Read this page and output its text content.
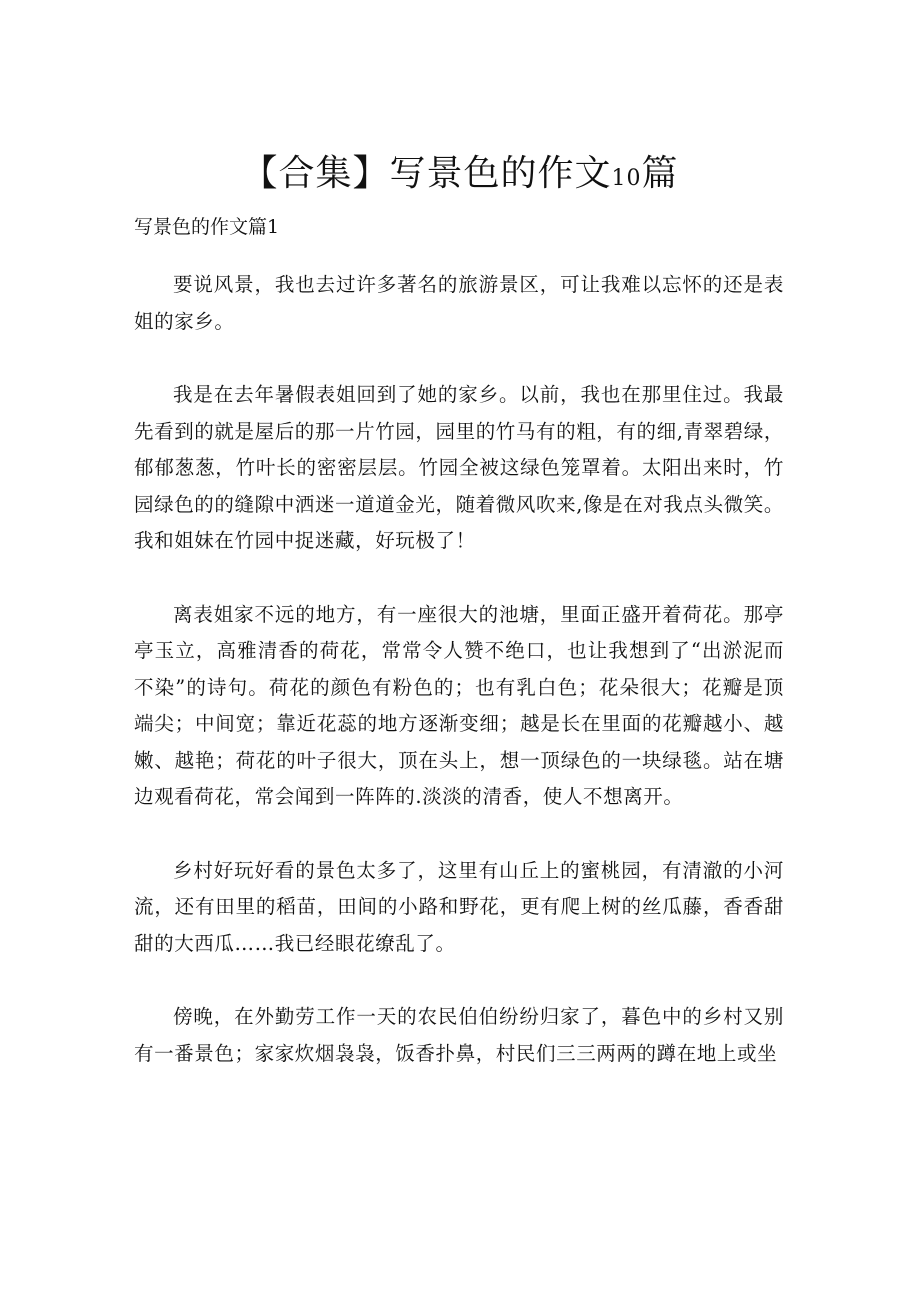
【合集】写景色的作文10篇

写景色的作文篇1

要说风景，我也去过许多著名的旅游景区，可让我难以忘怀的还是表姐的家乡。

我是在去年暑假表姐回到了她的家乡。以前，我也在那里住过。我最先看到的就是屋后的那一片竹园，园里的竹马有的粗，有的细,青翠碧绿，郁郁葱葱，竹叶长的密密层层。竹园全被这绿色笼罩着。太阳出来时，竹园绿色的的缝隙中洒迷一道道金光，随着微风吹来,像是在对我点头微笑。我和姐妹在竹园中捉迷藏，好玩极了！

离表姐家不远的地方，有一座很大的池塘，里面正盛开着荷花。那亭亭玉立，高雅清香的荷花，常常令人赞不绝口，也让我想到了“出淤泥而不染”的诗句。荷花的颜色有粉色的；也有乳白色；花朵很大；花瓣是顶端尖；中间宽；靠近花蕊的地方逐渐变细；越是长在里面的花瓣越小、越嫩、越艳；荷花的叶子很大，顶在头上，想一顶绿色的一块绿毯。站在塘边观看荷花，常会闻到一阵阵的.淡淡的清香，使人不想离开。

乡村好玩好看的景色太多了，这里有山丘上的蜜桃园，有清澈的小河流，还有田里的稻苗，田间的小路和野花，更有爬上树的丝瓜藤，香香甜甜的大西瓜……我已经眼花缭乱了。

傍晚，在外勤劳工作一天的农民伯伯纷纷归家了，暮色中的乡村又别有一番景色；家家炊烟袅袅，饭香扑鼻，村民们三三两两的蹲在地上或坐
